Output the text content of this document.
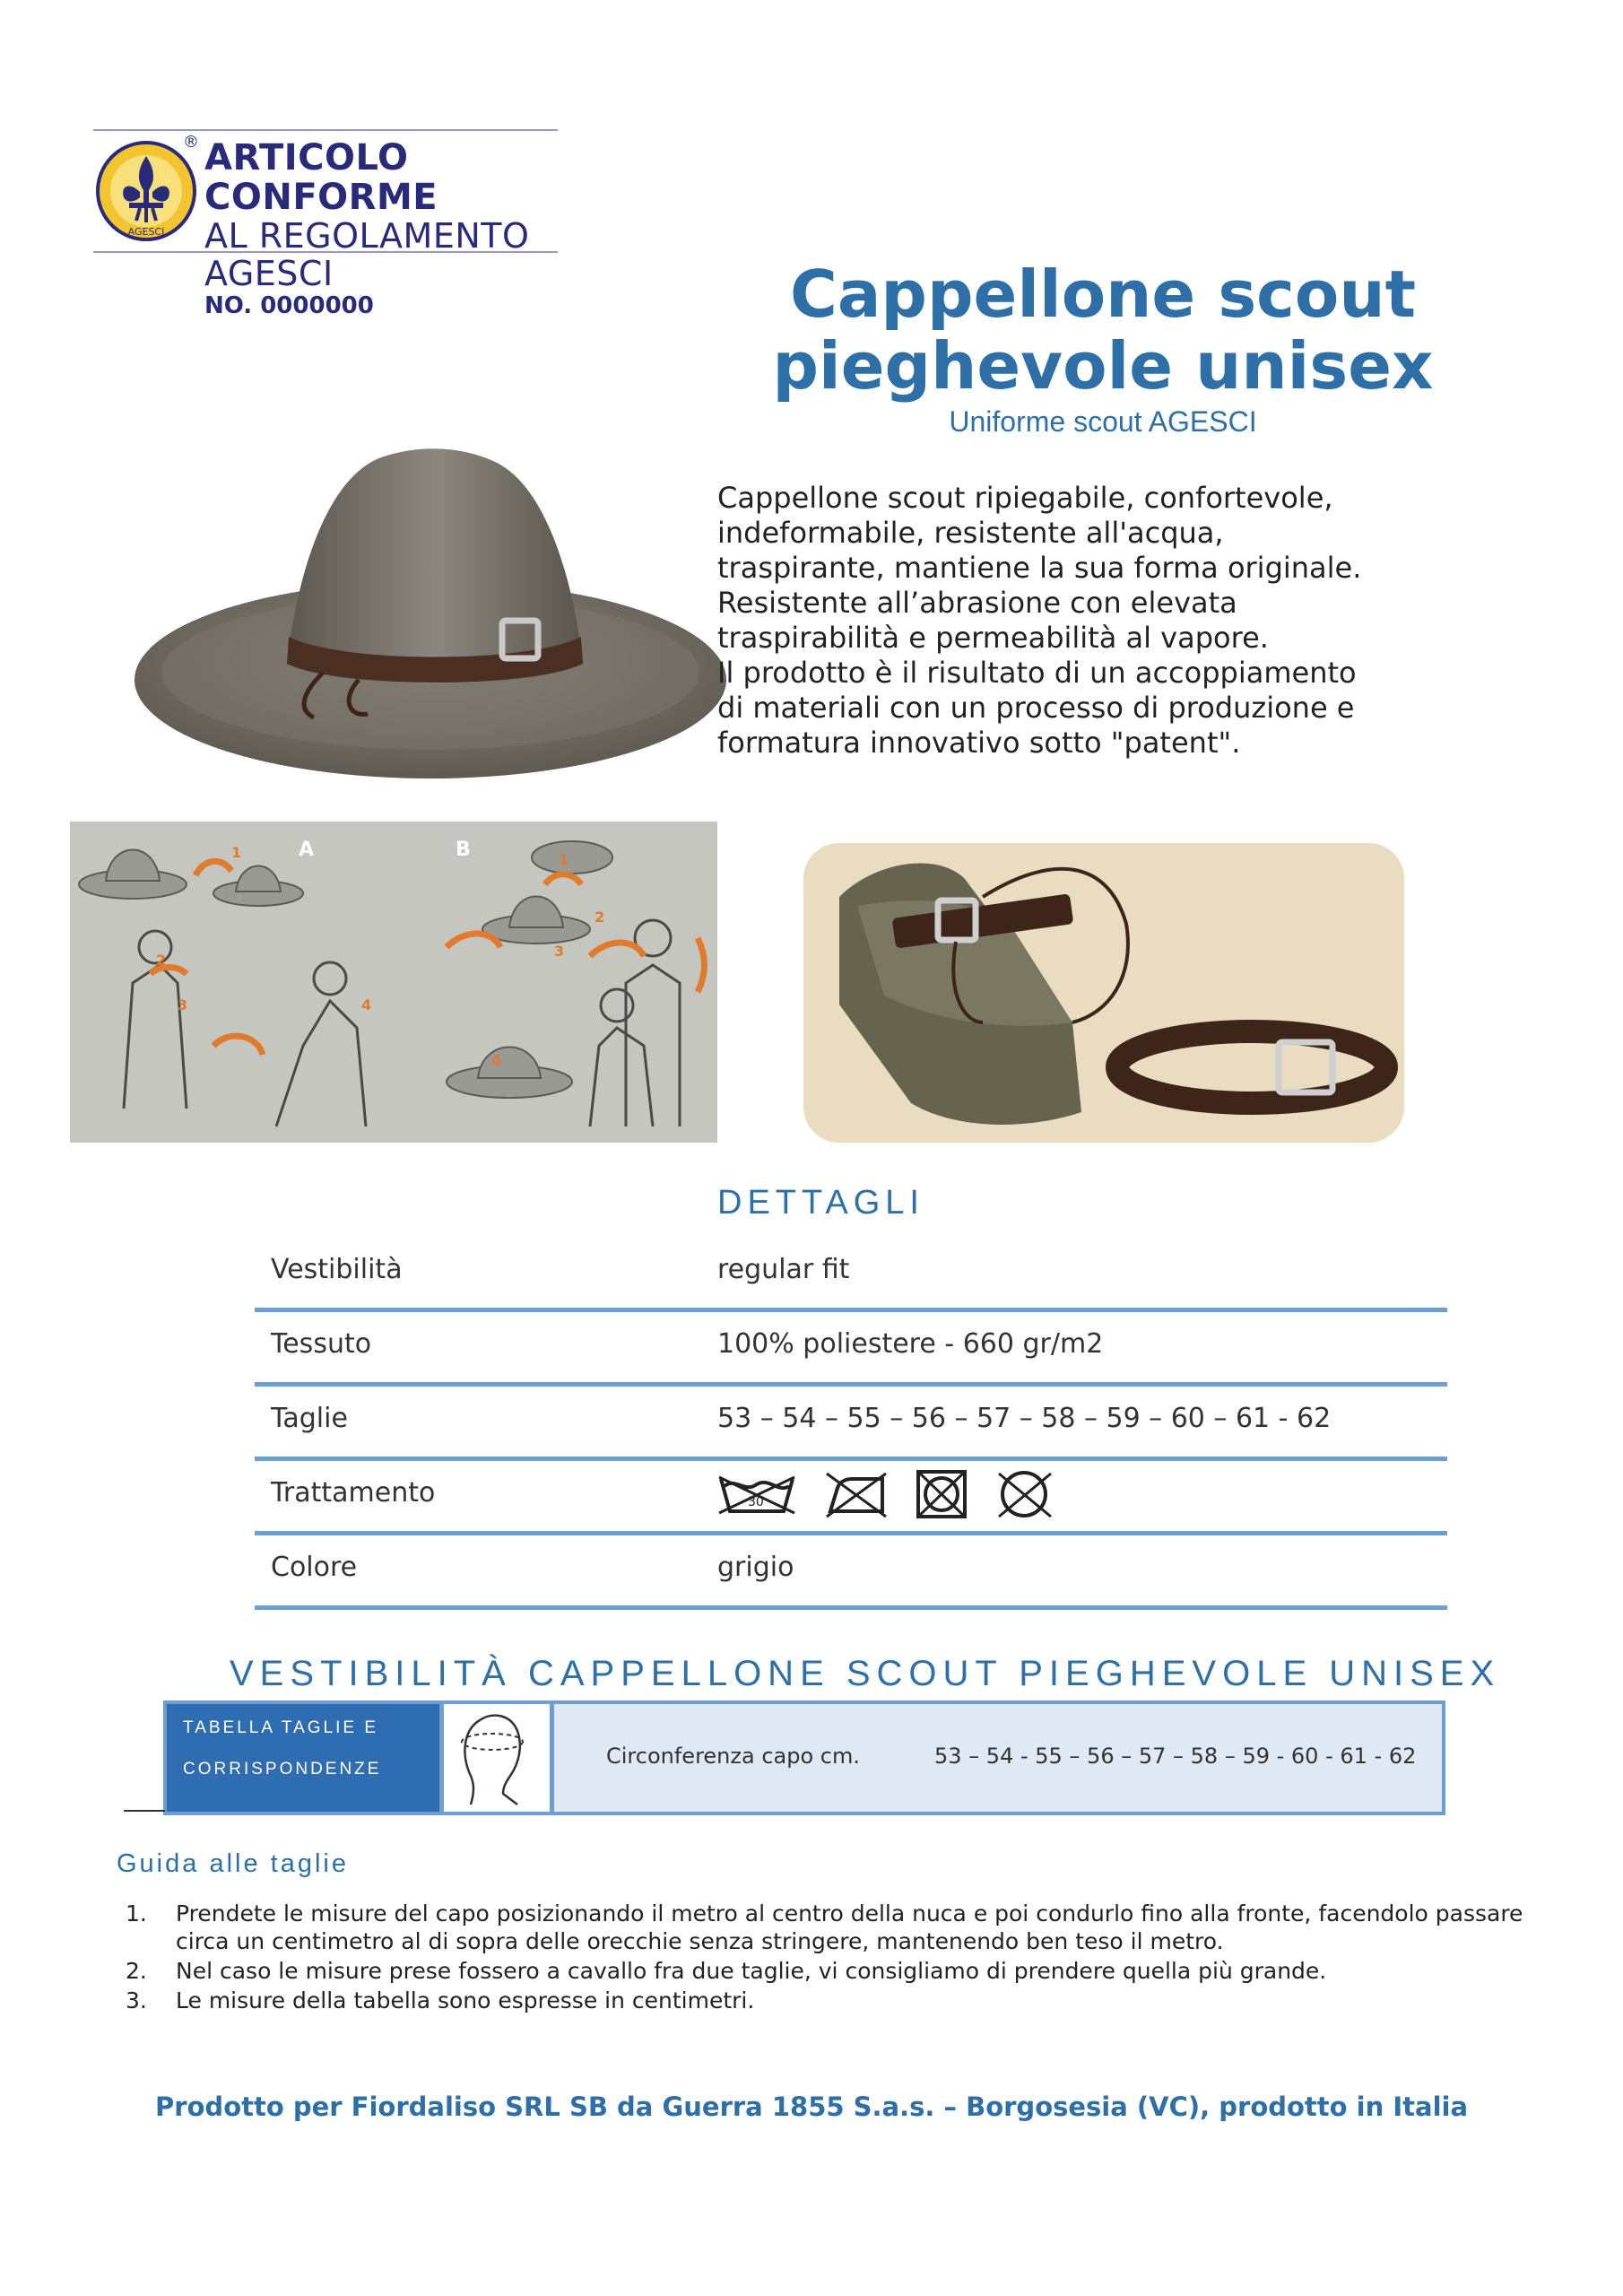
AGESCI
® ARTICOLO CONFORME
AL REGOLAMENTO AGESCI
NO. 0000000	Cappellone scout
pieghevole unisex
Uniforme scout AGESCI
Cappellone scout ripiegabile, confortevole,
indeformabile, resistente all'acqua,
traspirante, mantiene la sua forma originale.
Resistente all’abrasione con elevata
traspirabilità e permeabilità al vapore.
Il prodotto è il risultato di un accoppiamento
di materiali con un processo di produzione e
formatura innovativo sotto "patent".
A	B
1
2
3	4
1
2
3
4
DETTAGLI
Vestibilità	regular fit
Tessuto	100% poliestere - 660 gr/m2
Taglie	53 – 54 – 55 – 56 – 57 – 58 – 59 – 60 – 61 - 62
Trattamento	30
Colore	grigio
VESTIBILITÀ CAPPELLONE SCOUT PIEGHEVOLE UNISEX
TABELLA TAGLIE E
CORRISPONDENZE
Circonferenza capo cm.	53 – 54 - 55 – 56 – 57 – 58 – 59 - 60 - 61 - 62
Guida alle taglie
1. Prendete le misure del capo posizionando il metro al centro della nuca e poi condurlo fino alla fronte, facendolo passare circa un centimetro al di sopra delle orecchie senza stringere, mantenendo ben teso il metro.
2. Nel caso le misure prese fossero a cavallo fra due taglie, vi consigliamo di prendere quella più grande.
3. Le misure della tabella sono espresse in centimetri.
Prodotto per Fiordaliso SRL SB da Guerra 1855 S.a.s. – Borgosesia (VC), prodotto in Italia
